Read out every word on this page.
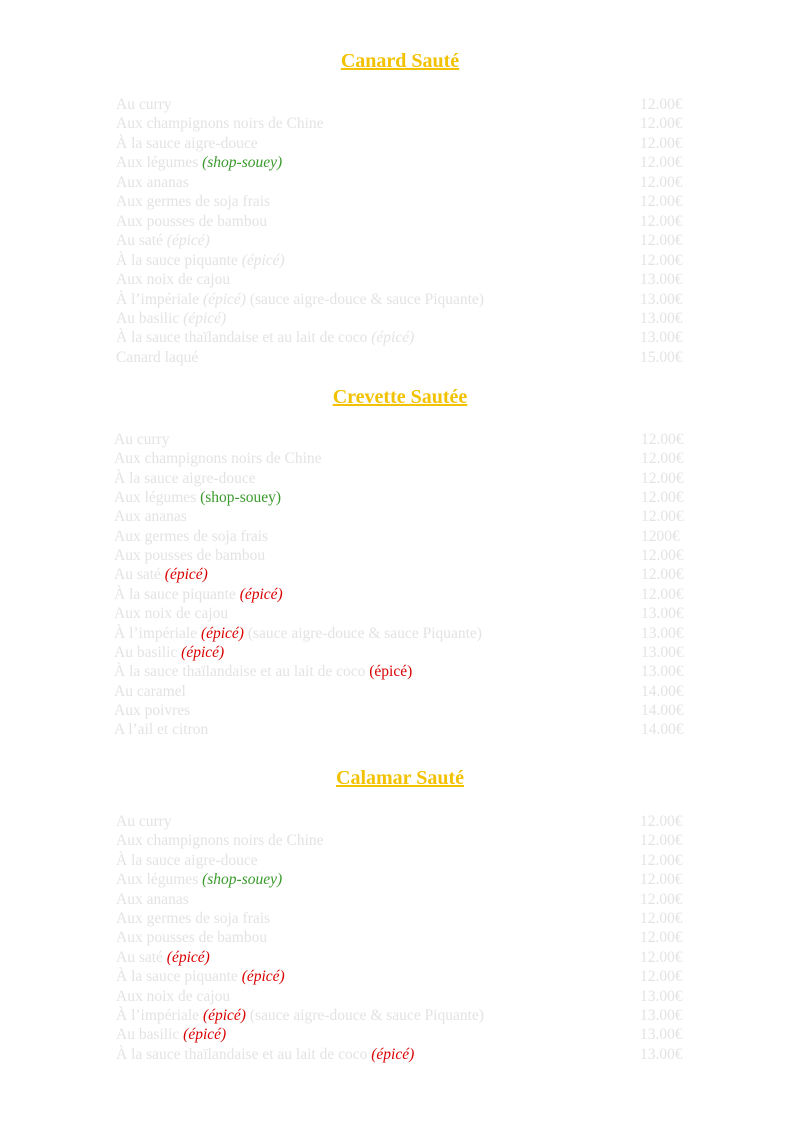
Canard Sauté
Au curry	12.00€
Aux champignons noirs de Chine	12.00€
À la sauce aigre-douce	12.00€
Aux légumes (shop-souey)	12.00€
Aux ananas	12.00€
Aux germes de soja frais	12.00€
Aux pousses de bambou	12.00€
Au saté (épicé)	12.00€
À la sauce piquante (épicé)	12.00€
Aux noix de cajou	13.00€
À l’impériale (épicé) (sauce aigre-douce & sauce Piquante)	13.00€
Au basilic (épicé)	13.00€
À la sauce thaïlandaise et au lait de coco (épicé)	13.00€
Canard laqué	15.00€
Crevette Sautée
Au curry	12.00€
Aux champignons noirs de Chine	12.00€
À la sauce aigre-douce	12.00€
Aux légumes (shop-souey)	12.00€
Aux ananas	12.00€
Aux germes de soja frais	1200€
Aux pousses de bambou	12.00€
Au saté (épicé)	12.00€
À la sauce piquante (épicé)	12.00€
Aux noix de cajou	13.00€
À l’impériale (épicé) (sauce aigre-douce & sauce Piquante)	13.00€
Au basilic (épicé)	13.00€
À la sauce thaïlandaise et au lait de coco (épicé)	13.00€
Au caramel	14.00€
Aux poivres	14.00€
A l’ail et citron	14.00€
Calamar Sauté
Au curry	12.00€
Aux champignons noirs de Chine	12.00€
À la sauce aigre-douce	12.00€
Aux légumes (shop-souey)	12.00€
Aux ananas	12.00€
Aux germes de soja frais	12.00€
Aux pousses de bambou	12.00€
Au saté (épicé)	12.00€
À la sauce piquante (épicé)	12.00€
Aux noix de cajou	13.00€
À l’impériale (épicé) (sauce aigre-douce & sauce Piquante)	13.00€
Au basilic (épicé)	13.00€
À la sauce thaïlandaise et au lait de coco (épicé)	13.00€
